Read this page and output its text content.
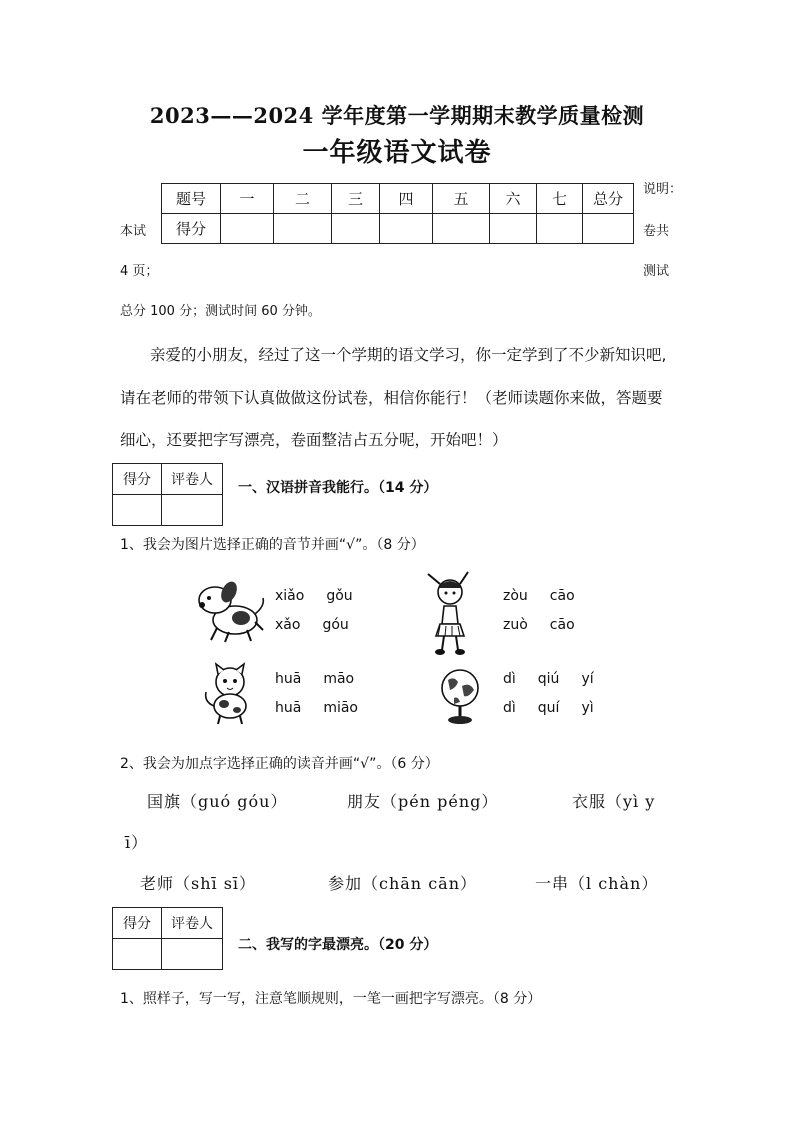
2023——2024 学年度第一学期期末教学质量检测
一年级语文试卷
说明：
本试	卷共
4 页；	测试
总分 100 分；测试时间 60 分钟。
题号	一	二	三	四	五	六	七	总分
得分								
亲爱的小朋友，经过了这一个学期的语文学习，你一定学到了不少新知识吧,
请在老师的带领下认真做做这份试卷，相信你能行！（老师读题你来做，答题要
细心，还要把字写漂亮，卷面整洁占五分呢，开始吧！）
得分	评卷人
	一、汉语拼音我能行。（14 分）
1、我会为图片选择正确的音节并画“√”。（8 分）
xiǎo gǒu
xǎo góu
zòu cāo
zuò cāo
huā māo
huā miāo
dì qiú yí
dì quí yì
2、我会为加点字选择正确的读音并画“√”。（6 分）
国旗（guó góu）	朋友（pén péng）	衣服（yì y
ī）
老师（shī sī）	参加（chān cān）	一串（l chàn）
得分	评卷人

二、我写的字最漂亮。（20 分）
1、照样子，写一写，注意笔顺规则，一笔一画把字写漂亮。（8 分）
